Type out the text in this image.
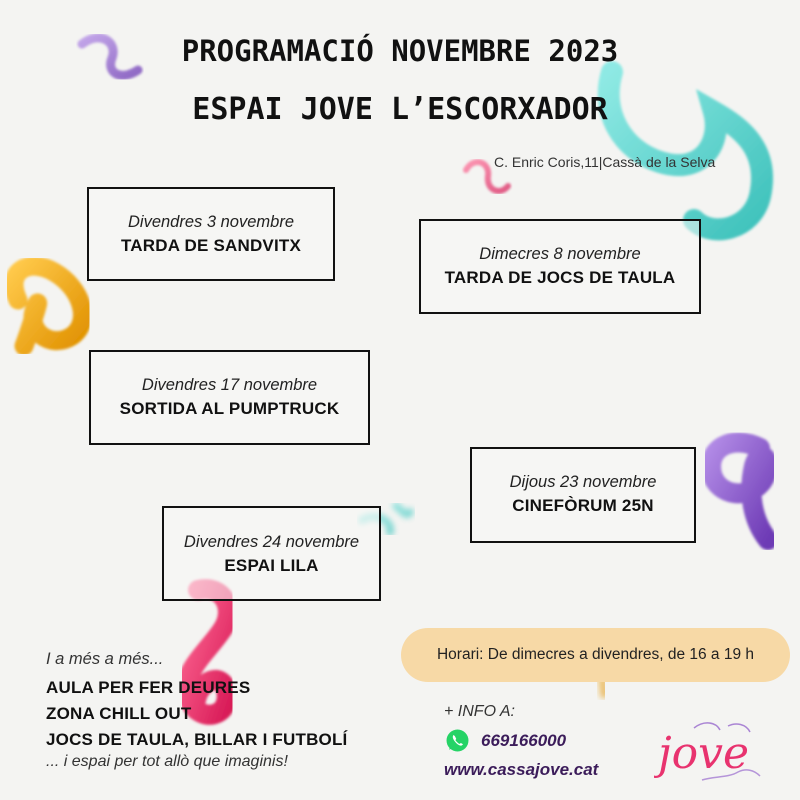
PROGRAMACIÓ NOVEMBRE 2023
ESPAI JOVE L’ESCORXADOR
C. Enric Coris,11|Cassà de la Selva
Divendres 3 novembre
TARDA DE SANDVITX	Dimecres 8 novembre
TARDA DE JOCS DE TAULA
Divendres 17 novembre
SORTIDA AL PUMPTRUCK
Dijous 23 novembre
CINEFÒRUM 25N
Divendres 24 novembre
ESPAI LILA
Horari: De dimecres a divendres, de 16 a 19 h
I a més a més...
AULA PER FER DEURES
ZONA CHILL OUT
JOCS DE TAULA, BILLAR I FUTBOLÍ
... i espai per tot allò que imaginis!
+ INFO A:
669166000
www.cassajove.cat jove
